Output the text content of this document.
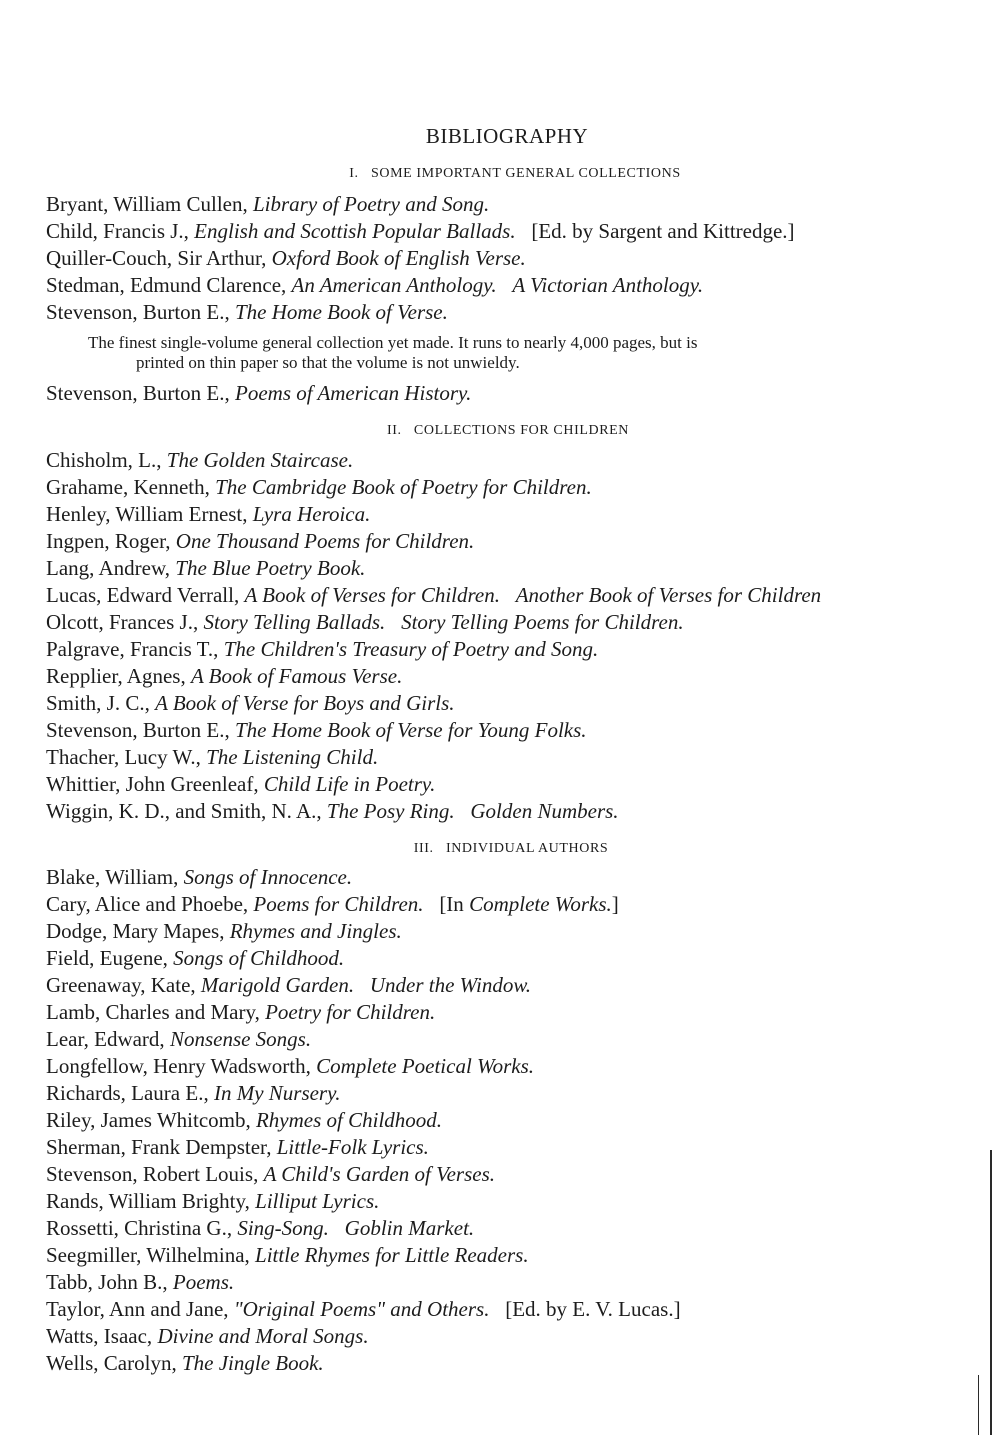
BIBLIOGRAPHY
I. SOME IMPORTANT GENERAL COLLECTIONS
Bryant, William Cullen, Library of Poetry and Song.
Child, Francis J., English and Scottish Popular Ballads. [Ed. by Sargent and Kittredge.]
Quiller-Couch, Sir Arthur, Oxford Book of English Verse.
Stedman, Edmund Clarence, An American Anthology. A Victorian Anthology.
Stevenson, Burton E., The Home Book of Verse.
The finest single-volume general collection yet made. It runs to nearly 4,000 pages, but is
printed on thin paper so that the volume is not unwieldy.
Stevenson, Burton E., Poems of American History.
II. COLLECTIONS FOR CHILDREN
Chisholm, L., The Golden Staircase.
Grahame, Kenneth, The Cambridge Book of Poetry for Children.
Henley, William Ernest, Lyra Heroica.
Ingpen, Roger, One Thousand Poems for Children.
Lang, Andrew, The Blue Poetry Book.
Lucas, Edward Verrall, A Book of Verses for Children. Another Book of Verses for Children
Olcott, Frances J., Story Telling Ballads. Story Telling Poems for Children.
Palgrave, Francis T., The Children's Treasury of Poetry and Song.
Repplier, Agnes, A Book of Famous Verse.
Smith, J. C., A Book of Verse for Boys and Girls.
Stevenson, Burton E., The Home Book of Verse for Young Folks.
Thacher, Lucy W., The Listening Child.
Whittier, John Greenleaf, Child Life in Poetry.
Wiggin, K. D., and Smith, N. A., The Posy Ring. Golden Numbers.
III. INDIVIDUAL AUTHORS
Blake, William, Songs of Innocence.
Cary, Alice and Phoebe, Poems for Children. [In Complete Works.]
Dodge, Mary Mapes, Rhymes and Jingles.
Field, Eugene, Songs of Childhood.
Greenaway, Kate, Marigold Garden. Under the Window.
Lamb, Charles and Mary, Poetry for Children.
Lear, Edward, Nonsense Songs.
Longfellow, Henry Wadsworth, Complete Poetical Works.
Richards, Laura E., In My Nursery.
Riley, James Whitcomb, Rhymes of Childhood.
Sherman, Frank Dempster, Little-Folk Lyrics.
Stevenson, Robert Louis, A Child's Garden of Verses.
Rands, William Brighty, Lilliput Lyrics.
Rossetti, Christina G., Sing-Song. Goblin Market.
Seegmiller, Wilhelmina, Little Rhymes for Little Readers.
Tabb, John B., Poems.
Taylor, Ann and Jane, "Original Poems" and Others. [Ed. by E. V. Lucas.]
Watts, Isaac, Divine and Moral Songs.
Wells, Carolyn, The Jingle Book.
